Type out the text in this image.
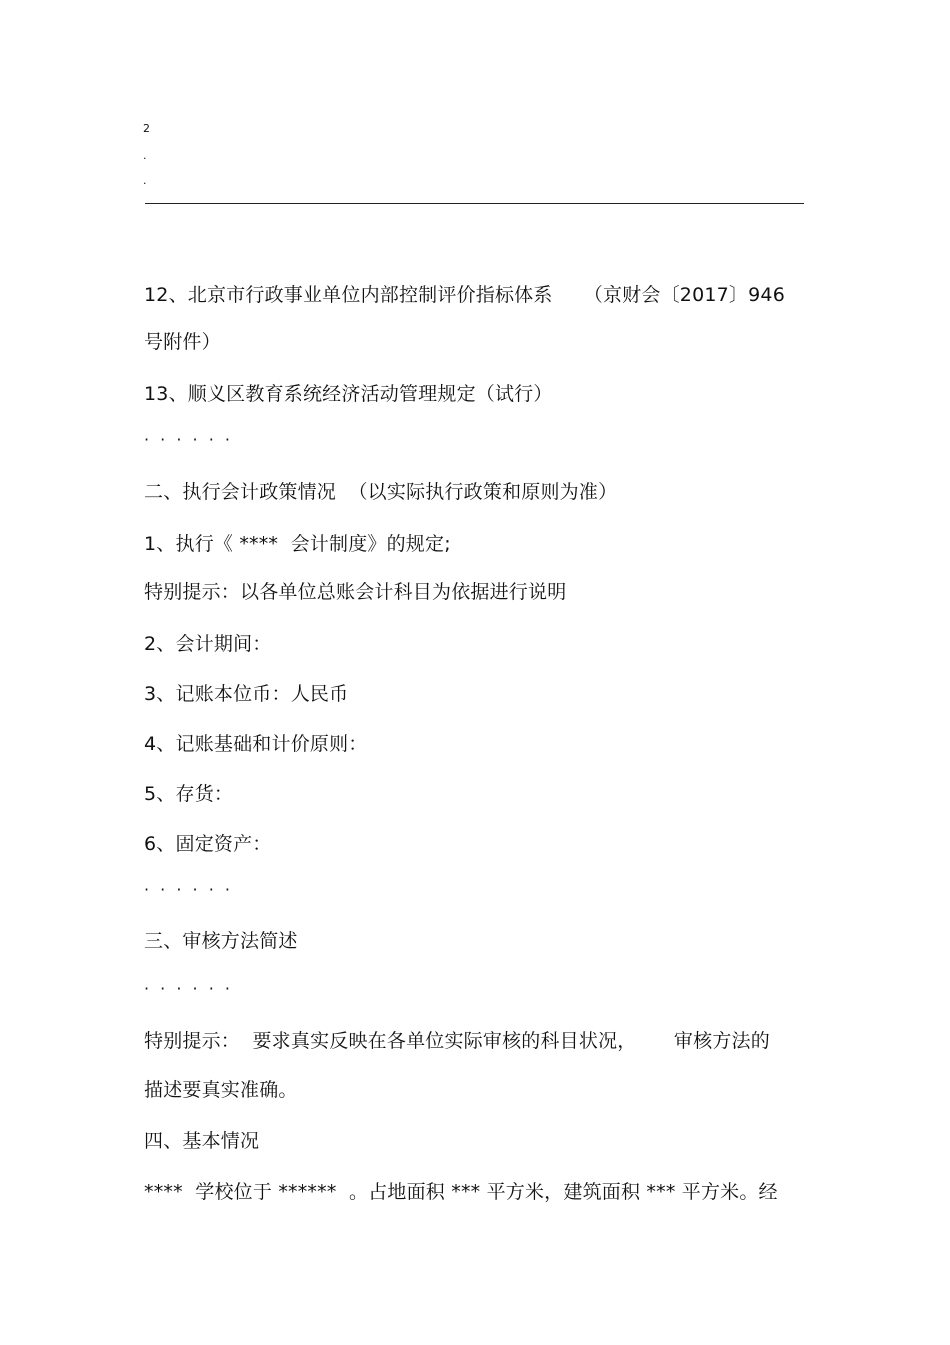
2
.
.
12、北京市行政事业单位内部控制评价指标体系     （京财会〔2017〕946
号附件）
13、顺义区教育系统经济活动管理规定（试行）
· · · · · ·
二、执行会计政策情况  （以实际执行政策和原则为准）
1、执行《 ****  会计制度》的规定;
特别提示：以各单位总账会计科目为依据进行说明
2、会计期间：
3、记账本位币：人民币
4、记账基础和计价原则：
5、存货：
6、固定资产：
· · · · · ·
三、审核方法简述
· · · · · ·
特别提示：  要求真实反映在各单位实际审核的科目状况，      审核方法的
描述要真实准确。
四、基本情况
****  学校位于 ******  。占地面积 *** 平方米，建筑面积 *** 平方米。经
